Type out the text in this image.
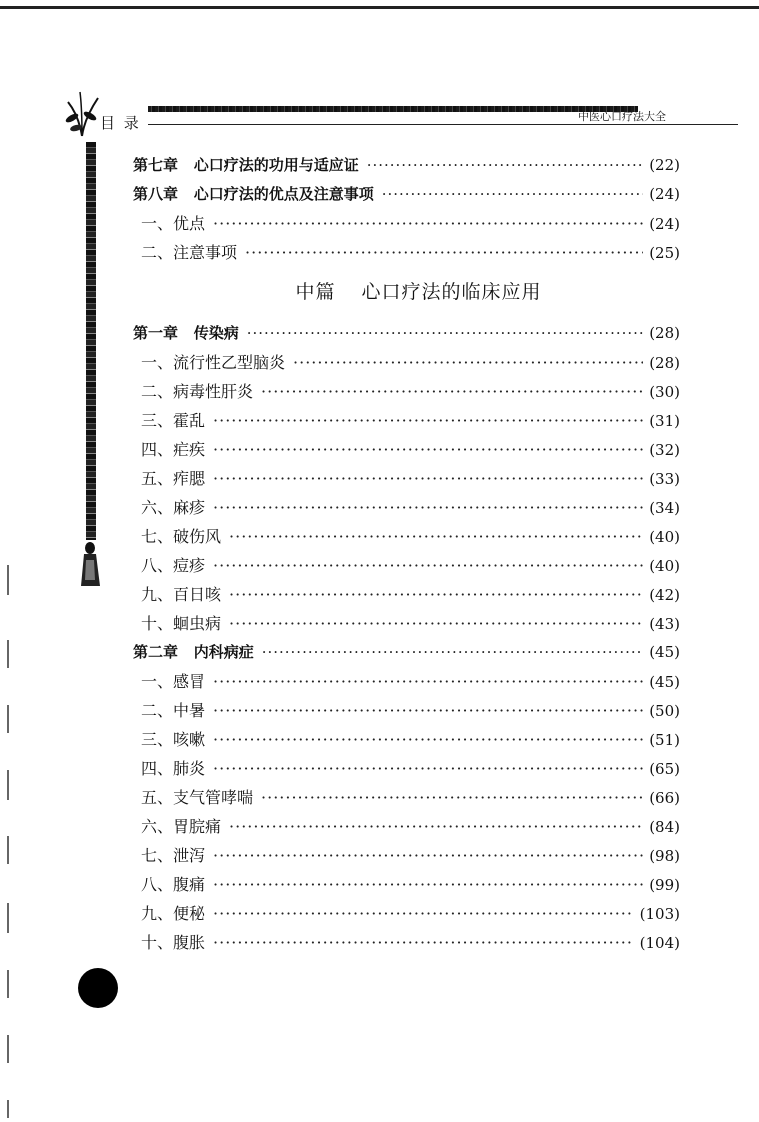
目 录	中医心口疗法大全
第七章 心口疗法的功用与适应证 ·····	(22)
第八章 心口疗法的优点及注意事项 ·····	(24)
一、优点 ·····	(24)
二、注意事项 ·····	(25)
中篇 心口疗法的临床应用
第一章 传染病 ·····	(28)
一、流行性乙型脑炎 ·····	(28)
二、病毒性肝炎 ·····	(30)
三、霍乱 ·····	(31)
四、疟疾 ·····	(32)
五、痄腮 ·····	(33)
六、麻疹 ·····	(34)
七、破伤风 ·····	(40)
八、痘疹 ·····	(40)
九、百日咳 ·····	(42)
十、蛔虫病 ·····	(43)
第二章 内科病症 ·····	(45)
一、感冒 ·····	(45)
二、中暑 ·····	(50)
三、咳嗽 ·····	(51)
四、肺炎 ·····	(65)
五、支气管哮喘 ·····	(66)
六、胃脘痛 ·····	(84)
七、泄泻 ·····	(98)
八、腹痛 ·····	(99)
九、便秘 ·····	(103)
十、腹胀 ·····	(104)
